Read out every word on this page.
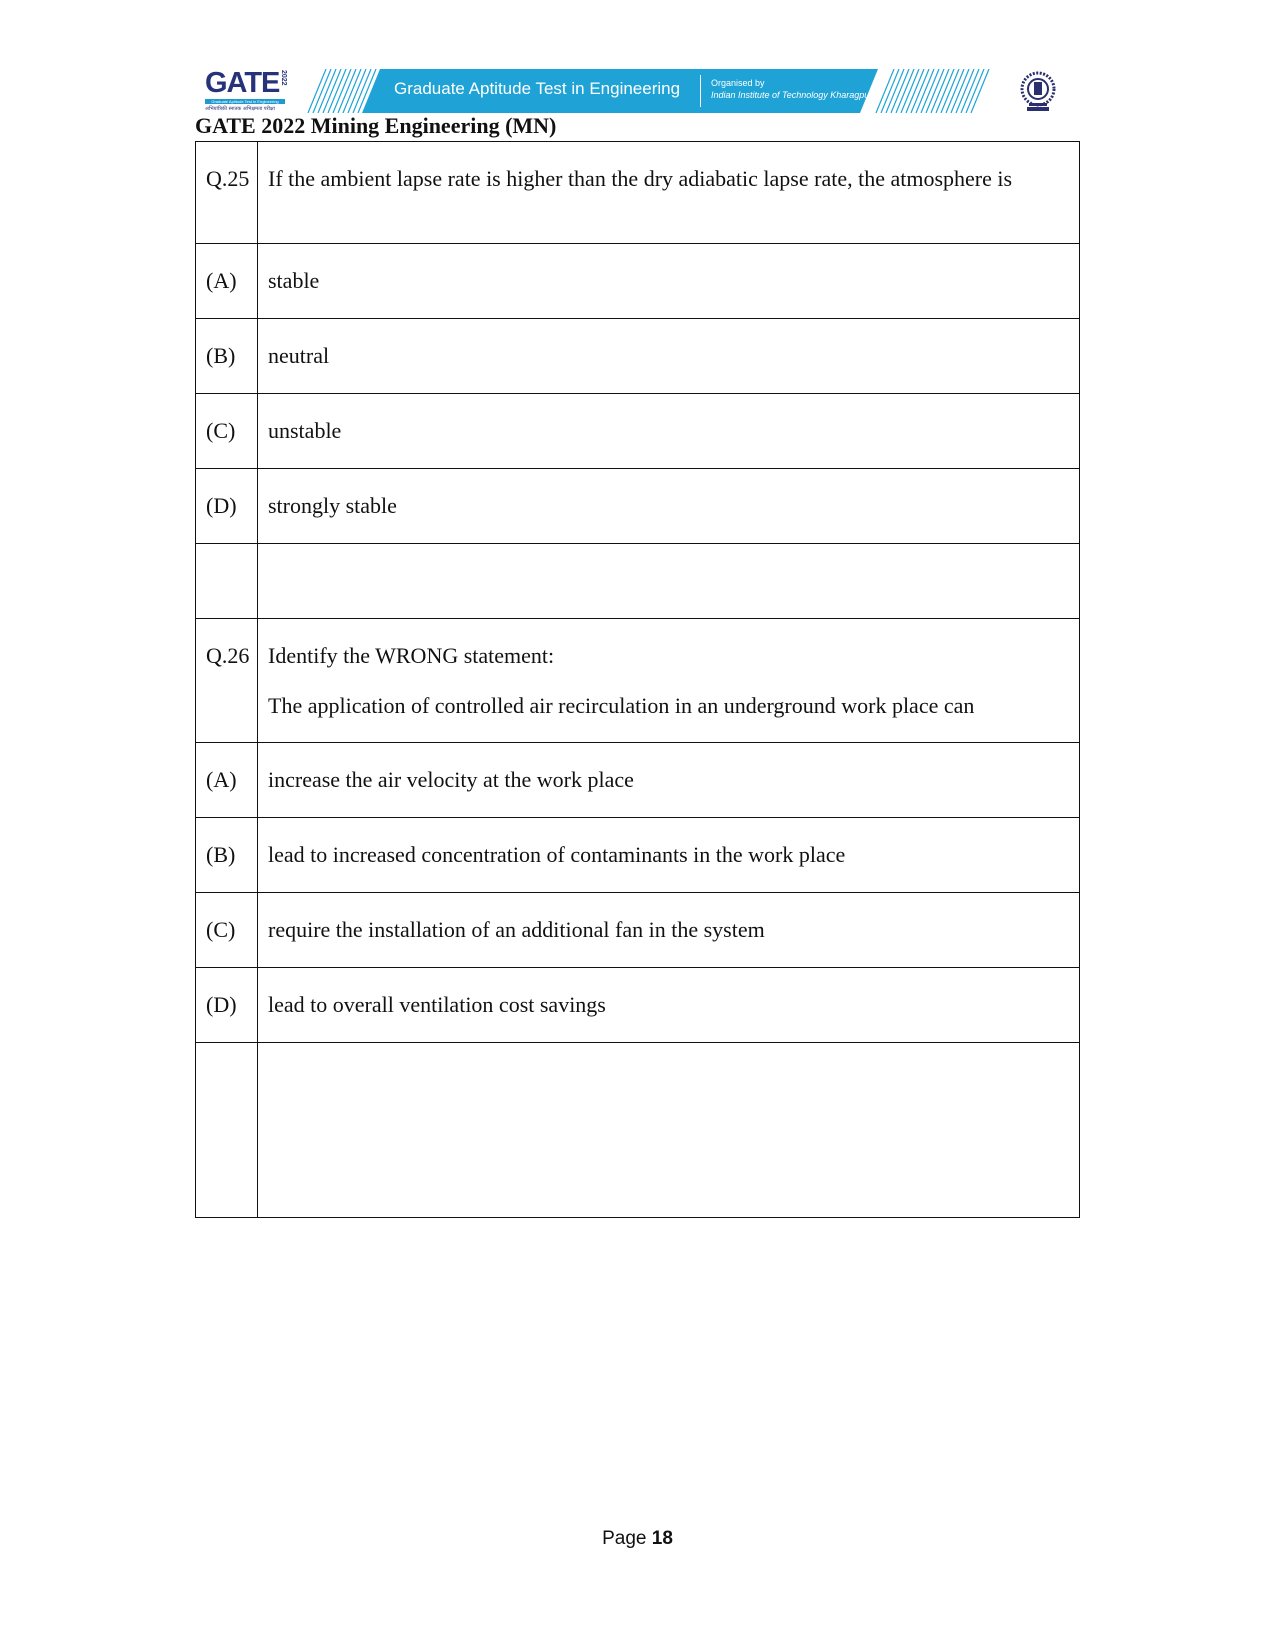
GATE 2022
Graduate Aptitude Test in Engineering
अभियांत्रिकी स्नातक अभिक्षमता परीक्षा
Graduate Aptitude Test in Engineering	Organised by
Indian Institute of Technology Kharagpur
GATE 2022 Mining Engineering (MN)
Q.25	If the ambient lapse rate is higher than the dry adiabatic lapse rate, the atmosphere is
(A)	stable
(B)	neutral
(C)	unstable
(D)	strongly stable

Q.26	Identify the WRONG statement:
The application of controlled air recirculation in an underground work place can

(A)	increase the air velocity at the work place
(B)	lead to increased concentration of contaminants in the work place
(C)	require the installation of an additional fan in the system
(D)	lead to overall ventilation cost savings

Page 18
